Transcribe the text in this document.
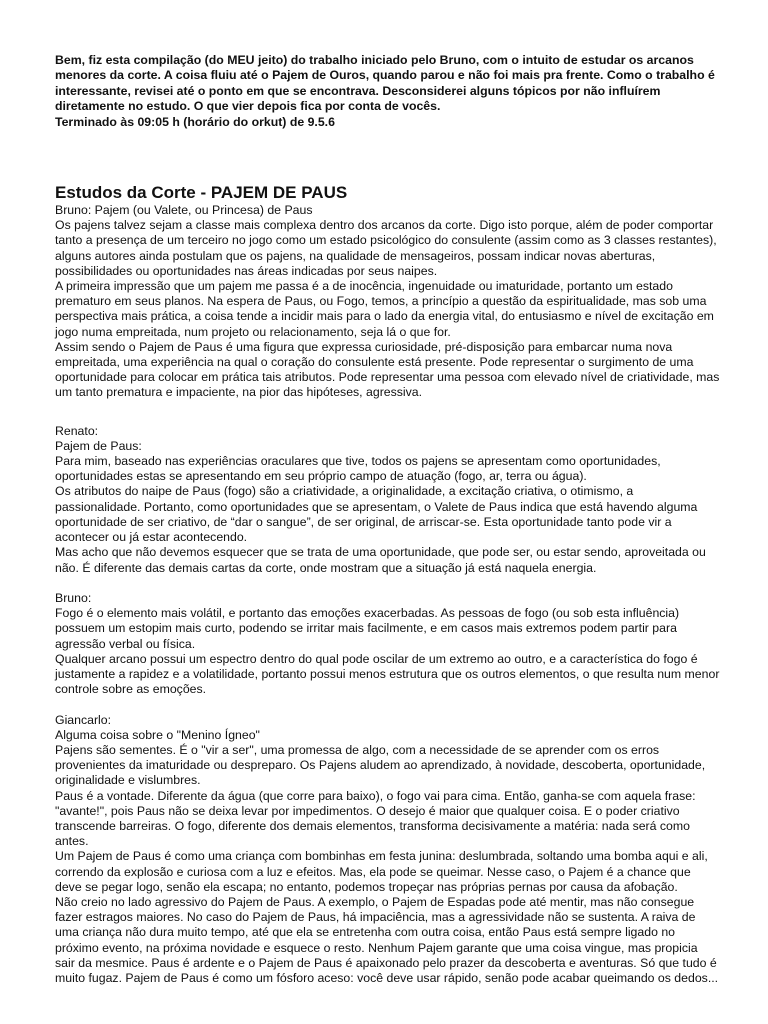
Bem, fiz esta compilação (do MEU jeito) do trabalho iniciado pelo Bruno, com o intuito de estudar os arcanos menores da corte. A coisa fluiu até o Pajem de Ouros, quando parou e não foi mais pra frente. Como o trabalho é interessante, revisei até o ponto em que se encontrava. Desconsiderei alguns tópicos por não influírem diretamente no estudo. O que vier depois fica por conta de vocês.

Terminado às 09:05 h (horário do orkut) de 9.5.6

Estudos da Corte - PAJEM DE PAUS

Bruno: Pajem (ou Valete, ou Princesa) de Paus

Os pajens talvez sejam a classe mais complexa dentro dos arcanos da corte. Digo isto porque, além de poder comportar tanto a presença de um terceiro no jogo como um estado psicológico do consulente (assim como as 3 classes restantes), alguns autores ainda postulam que os pajens, na qualidade de mensageiros, possam indicar novas aberturas, possibilidades ou oportunidades nas áreas indicadas por seus naipes.

A primeira impressão que um pajem me passa é a de inocência, ingenuidade ou imaturidade, portanto um estado prematuro em seus planos. Na espera de Paus, ou Fogo, temos, a princípio a questão da espiritualidade, mas sob uma perspectiva mais prática, a coisa tende a incidir mais para o lado da energia vital, do entusiasmo e nível de excitação em jogo numa empreitada, num projeto ou relacionamento, seja lá o que for.

Assim sendo o Pajem de Paus é uma figura que expressa curiosidade, pré-disposição para embarcar numa nova empreitada, uma experiência na qual o coração do consulente está presente. Pode representar o surgimento de uma oportunidade para colocar em prática tais atributos. Pode representar uma pessoa com elevado nível de criatividade, mas um tanto prematura e impaciente, na pior das hipóteses, agressiva.

Renato:

Pajem de Paus:

Para mim, baseado nas experiências oraculares que tive, todos os pajens se apresentam como oportunidades, oportunidades estas se apresentando em seu próprio campo de atuação (fogo, ar, terra ou água).

Os atributos do naipe de Paus (fogo) são a criatividade, a originalidade, a excitação criativa, o otimismo, a passionalidade. Portanto, como oportunidades que se apresentam, o Valete de Paus indica que está havendo alguma oportunidade de ser criativo, de “dar o sangue”, de ser original, de arriscar-se. Esta oportunidade tanto pode vir a acontecer ou já estar acontecendo.

Mas acho que não devemos esquecer que se trata de uma oportunidade, que pode ser, ou estar sendo, aproveitada ou não. É diferente das demais cartas da corte, onde mostram que a situação já está naquela energia.

Bruno:

Fogo é o elemento mais volátil, e portanto das emoções exacerbadas. As pessoas de fogo (ou sob esta influência) possuem um estopim mais curto, podendo se irritar mais facilmente, e em casos mais extremos podem partir para agressão verbal ou física.

Qualquer arcano possui um espectro dentro do qual pode oscilar de um extremo ao outro, e a característica do fogo é justamente a rapidez e a volatilidade, portanto possui menos estrutura que os outros elementos, o que resulta num menor controle sobre as emoções.

Giancarlo:

Alguma coisa sobre o "Menino Ígneo"

Pajens são sementes. É o "vir a ser", uma promessa de algo, com a necessidade de se aprender com os erros provenientes da imaturidade ou despreparo. Os Pajens aludem ao aprendizado, à novidade, descoberta, oportunidade, originalidade e vislumbres.

Paus é a vontade. Diferente da água (que corre para baixo), o fogo vai para cima. Então, ganha-se com aquela frase: "avante!", pois Paus não se deixa levar por impedimentos. O desejo é maior que qualquer coisa. E o poder criativo transcende barreiras. O fogo, diferente dos demais elementos, transforma decisivamente a matéria: nada será como antes.

Um Pajem de Paus é como uma criança com bombinhas em festa junina: deslumbrada, soltando uma bomba aqui e ali, correndo da explosão e curiosa com a luz e efeitos. Mas, ela pode se queimar. Nesse caso, o Pajem é a chance que deve se pegar logo, senão ela escapa; no entanto, podemos tropeçar nas próprias pernas por causa da afobação.

Não creio no lado agressivo do Pajem de Paus. A exemplo, o Pajem de Espadas pode até mentir, mas não consegue fazer estragos maiores. No caso do Pajem de Paus, há impaciência, mas a agressividade não se sustenta. A raiva de uma criança não dura muito tempo, até que ela se entretenha com outra coisa, então Paus está sempre ligado no próximo evento, na próxima novidade e esquece o resto. Nenhum Pajem garante que uma coisa vingue, mas propicia sair da mesmice. Paus é ardente e o Pajem de Paus é apaixonado pelo prazer da descoberta e aventuras. Só que tudo é muito fugaz. Pajem de Paus é como um fósforo aceso: você deve usar rápido, senão pode acabar queimando os dedos...
